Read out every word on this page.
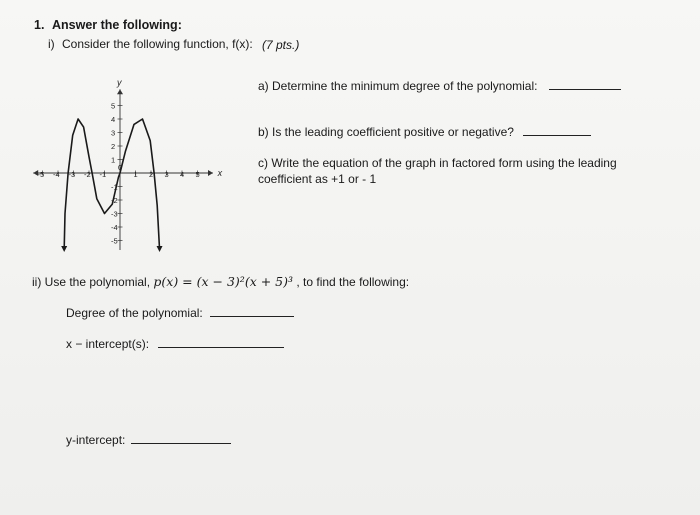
1. Answer the following:
i) Consider the following function, f(x): (7 pts.)
x
y
-5 -4 -3 -2 -1
0
1 2 3 4 5
5
4
3
2
1
-1
-2
-3
-4
-5
a) Determine the minimum degree of the polynomial:
b) Is the leading coefficient positive or negative?
c) Write the equation of the graph in factored form using the leading
coefficient as +1 or - 1
ii) Use the polynomial, p(x) = (x − 3)²(x + 5)³ , to find the following:
Degree of the polynomial:
x − intercept(s):
y-intercept:
